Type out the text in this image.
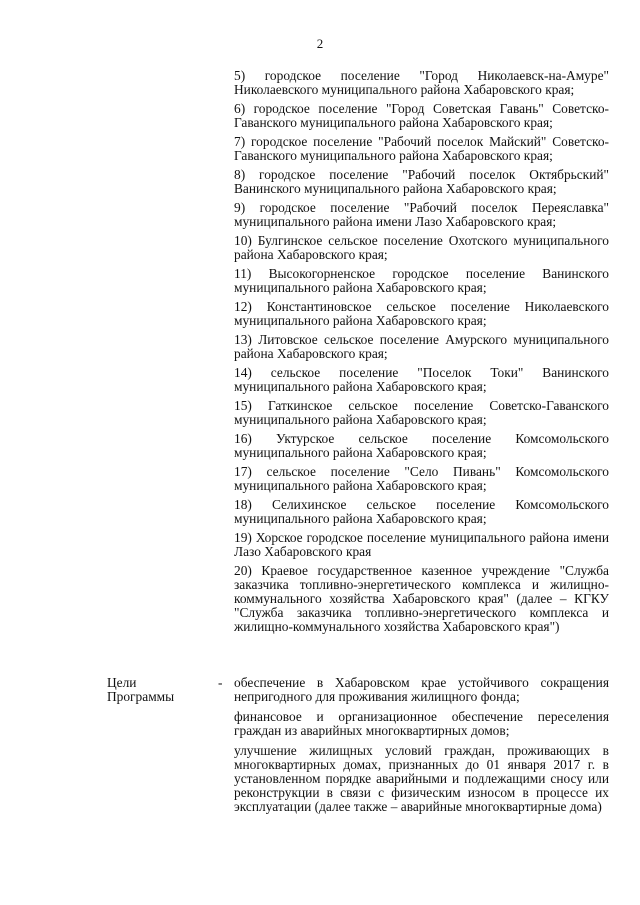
2

5) городское поселение "Город Николаевск-на-Амуре" Николаевского муниципального района Хабаровского края;

6) городское поселение "Город Советская Гавань" Советско-Гаванского муниципального района Хабаровского края;

7) городское поселение "Рабочий поселок Майский" Советско-Гаванского муниципального района Хабаровского края;

8) городское поселение "Рабочий поселок Октябрьский" Ванинского муниципального района Хабаровского края;

9) городское поселение "Рабочий поселок Переяславка" муниципального района имени Лазо Хабаровского края;

10) Булгинское сельское поселение Охотского муниципального района Хабаровского края;

11) Высокогорненское городское поселение Ванинского муниципального района Хабаровского края;

12) Константиновское сельское поселение Николаевского муниципального района Хабаровского края;

13) Литовское сельское поселение Амурского муниципального района Хабаровского края;

14) сельское поселение "Поселок Токи" Ванинского муниципального района Хабаровского края;

15) Гаткинское сельское поселение Советско-Гаванского муниципального района Хабаровского края;

16) Уктурское сельское поселение Комсомольского муниципального района Хабаровского края;

17) сельское поселение "Село Пивань" Комсомольского муниципального района Хабаровского края;

18) Селихинское сельское поселение Комсомольского муниципального района Хабаровского края;

19) Хорское городское поселение муниципального района имени Лазо Хабаровского края

20) Краевое государственное казенное учреждение "Служба заказчика топливно-энергетического комплекса и жилищно-коммунального хозяйства Хабаровского края" (далее – КГКУ "Служба заказчика топливно-энергетического комплекса и жилищно-коммунального хозяйства Хабаровского края")

Цели Программы
- обеспечение в Хабаровском крае устойчивого сокращения непригодного для проживания жилищного фонда;

финансовое и организационное обеспечение переселения граждан из аварийных многоквартирных домов;

улучшение жилищных условий граждан, проживающих в многоквартирных домах, признанных до 01 января 2017 г. в установленном порядке аварийными и подлежащими сносу или реконструкции в связи с физическим износом в процессе их эксплуатации (далее также – аварийные многоквартирные дома)
